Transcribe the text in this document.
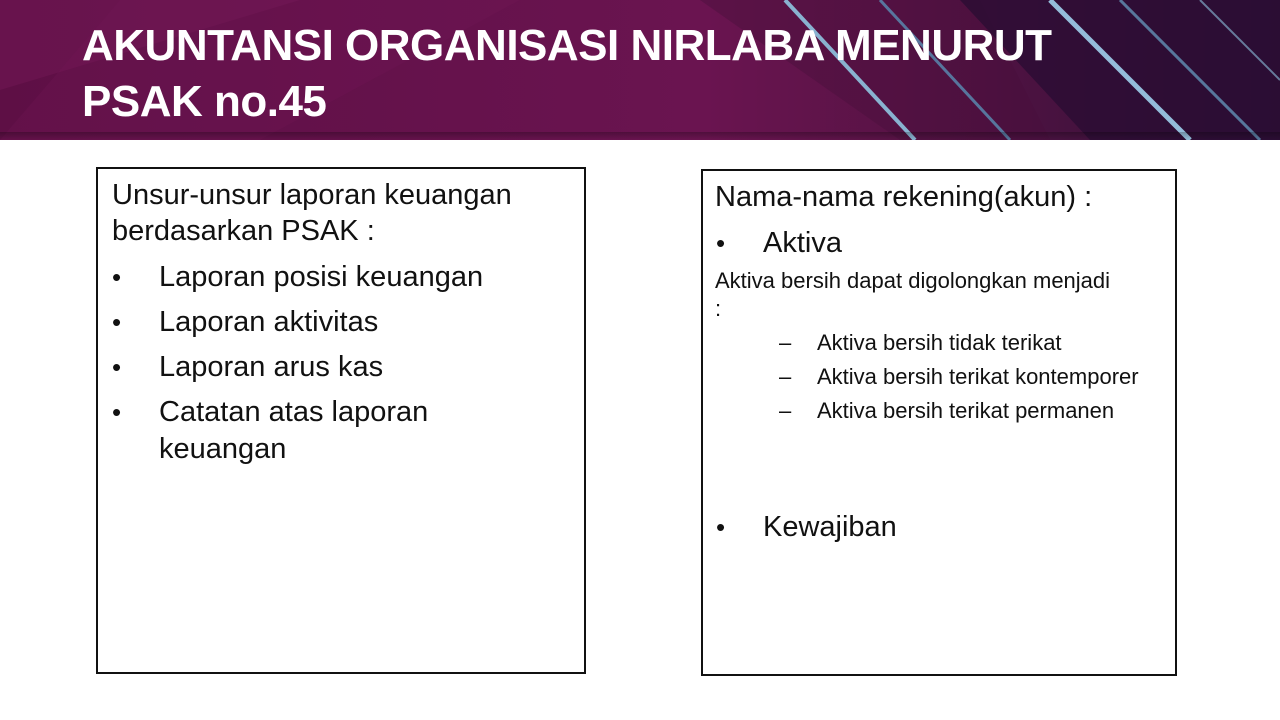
AKUNTANSI ORGANISASI NIRLABA MENURUT
PSAK no.45

Unsur-unsur laporan keuangan berdasarkan PSAK :

• Laporan posisi keuangan
• Laporan aktivitas
• Laporan arus kas
• Catatan atas laporan keuangan

Nama-nama rekening(akun) :

• Aktiva

Aktiva bersih dapat digolongkan menjadi :

– Aktiva bersih tidak terikat
– Aktiva bersih terikat kontemporer
– Aktiva bersih terikat permanen
• Kewajiban
